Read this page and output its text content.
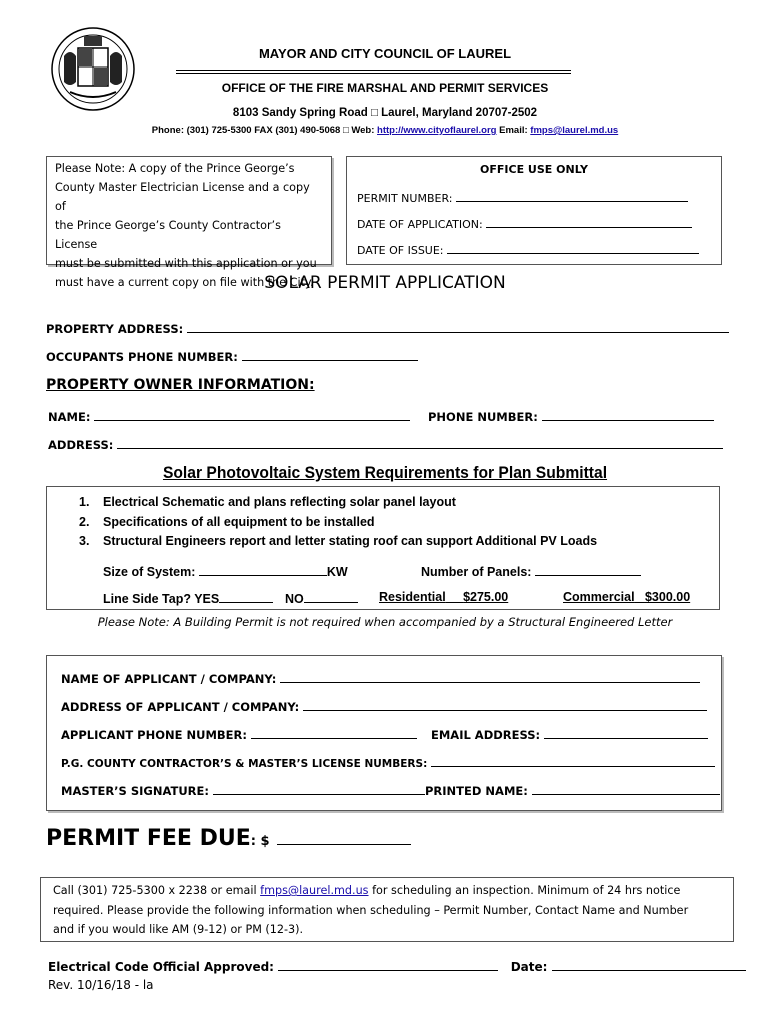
MAYOR AND CITY COUNCIL OF LAUREL
OFFICE OF THE FIRE MARSHAL AND PERMIT SERVICES
8103 Sandy Spring Road □ Laurel, Maryland 20707-2502
Phone: (301) 725-5300 FAX (301) 490-5068 □ Web: http://www.cityoflaurel.org Email: fmps@laurel.md.us
Please Note: A copy of the Prince George’s
County Master Electrician License and a copy of
the Prince George’s County Contractor’s License
must be submitted with this application or you
must have a current copy on file with the City.
OFFICE USE ONLY
PERMIT NUMBER:
DATE OF APPLICATION:
DATE OF ISSUE:
SOLAR PERMIT APPLICATION
PROPERTY ADDRESS:
OCCUPANTS PHONE NUMBER:
PROPERTY OWNER INFORMATION:
NAME:	PHONE NUMBER:
ADDRESS:
Solar Photovoltaic System Requirements for Plan Submittal
1. Electrical Schematic and plans reflecting solar panel layout
2. Specifications of all equipment to be installed
3. Structural Engineers report and letter stating roof can support Additional PV Loads
Size of System:	KW	Number of Panels:
Line Side Tap? YES	NO	Residential $275.00	Commercial $300.00
Please Note: A Building Permit is not required when accompanied by a Structural Engineered Letter
NAME OF APPLICANT / COMPANY:
ADDRESS OF APPLICANT / COMPANY:
APPLICANT PHONE NUMBER:	EMAIL ADDRESS:
P.G. COUNTY CONTRACTOR’S & MASTER’S LICENSE NUMBERS:
MASTER’S SIGNATURE:	PRINTED NAME:
PERMIT FEE DUE: $
Call (301) 725-5300 x 2238 or email fmps@laurel.md.us for scheduling an inspection. Minimum of 24 hrs notice
required. Please provide the following information when scheduling – Permit Number, Contact Name and Number
and if you would like AM (9-12) or PM (12-3).
Electrical Code Official Approved:	Date:
Rev. 10/16/18 - la
